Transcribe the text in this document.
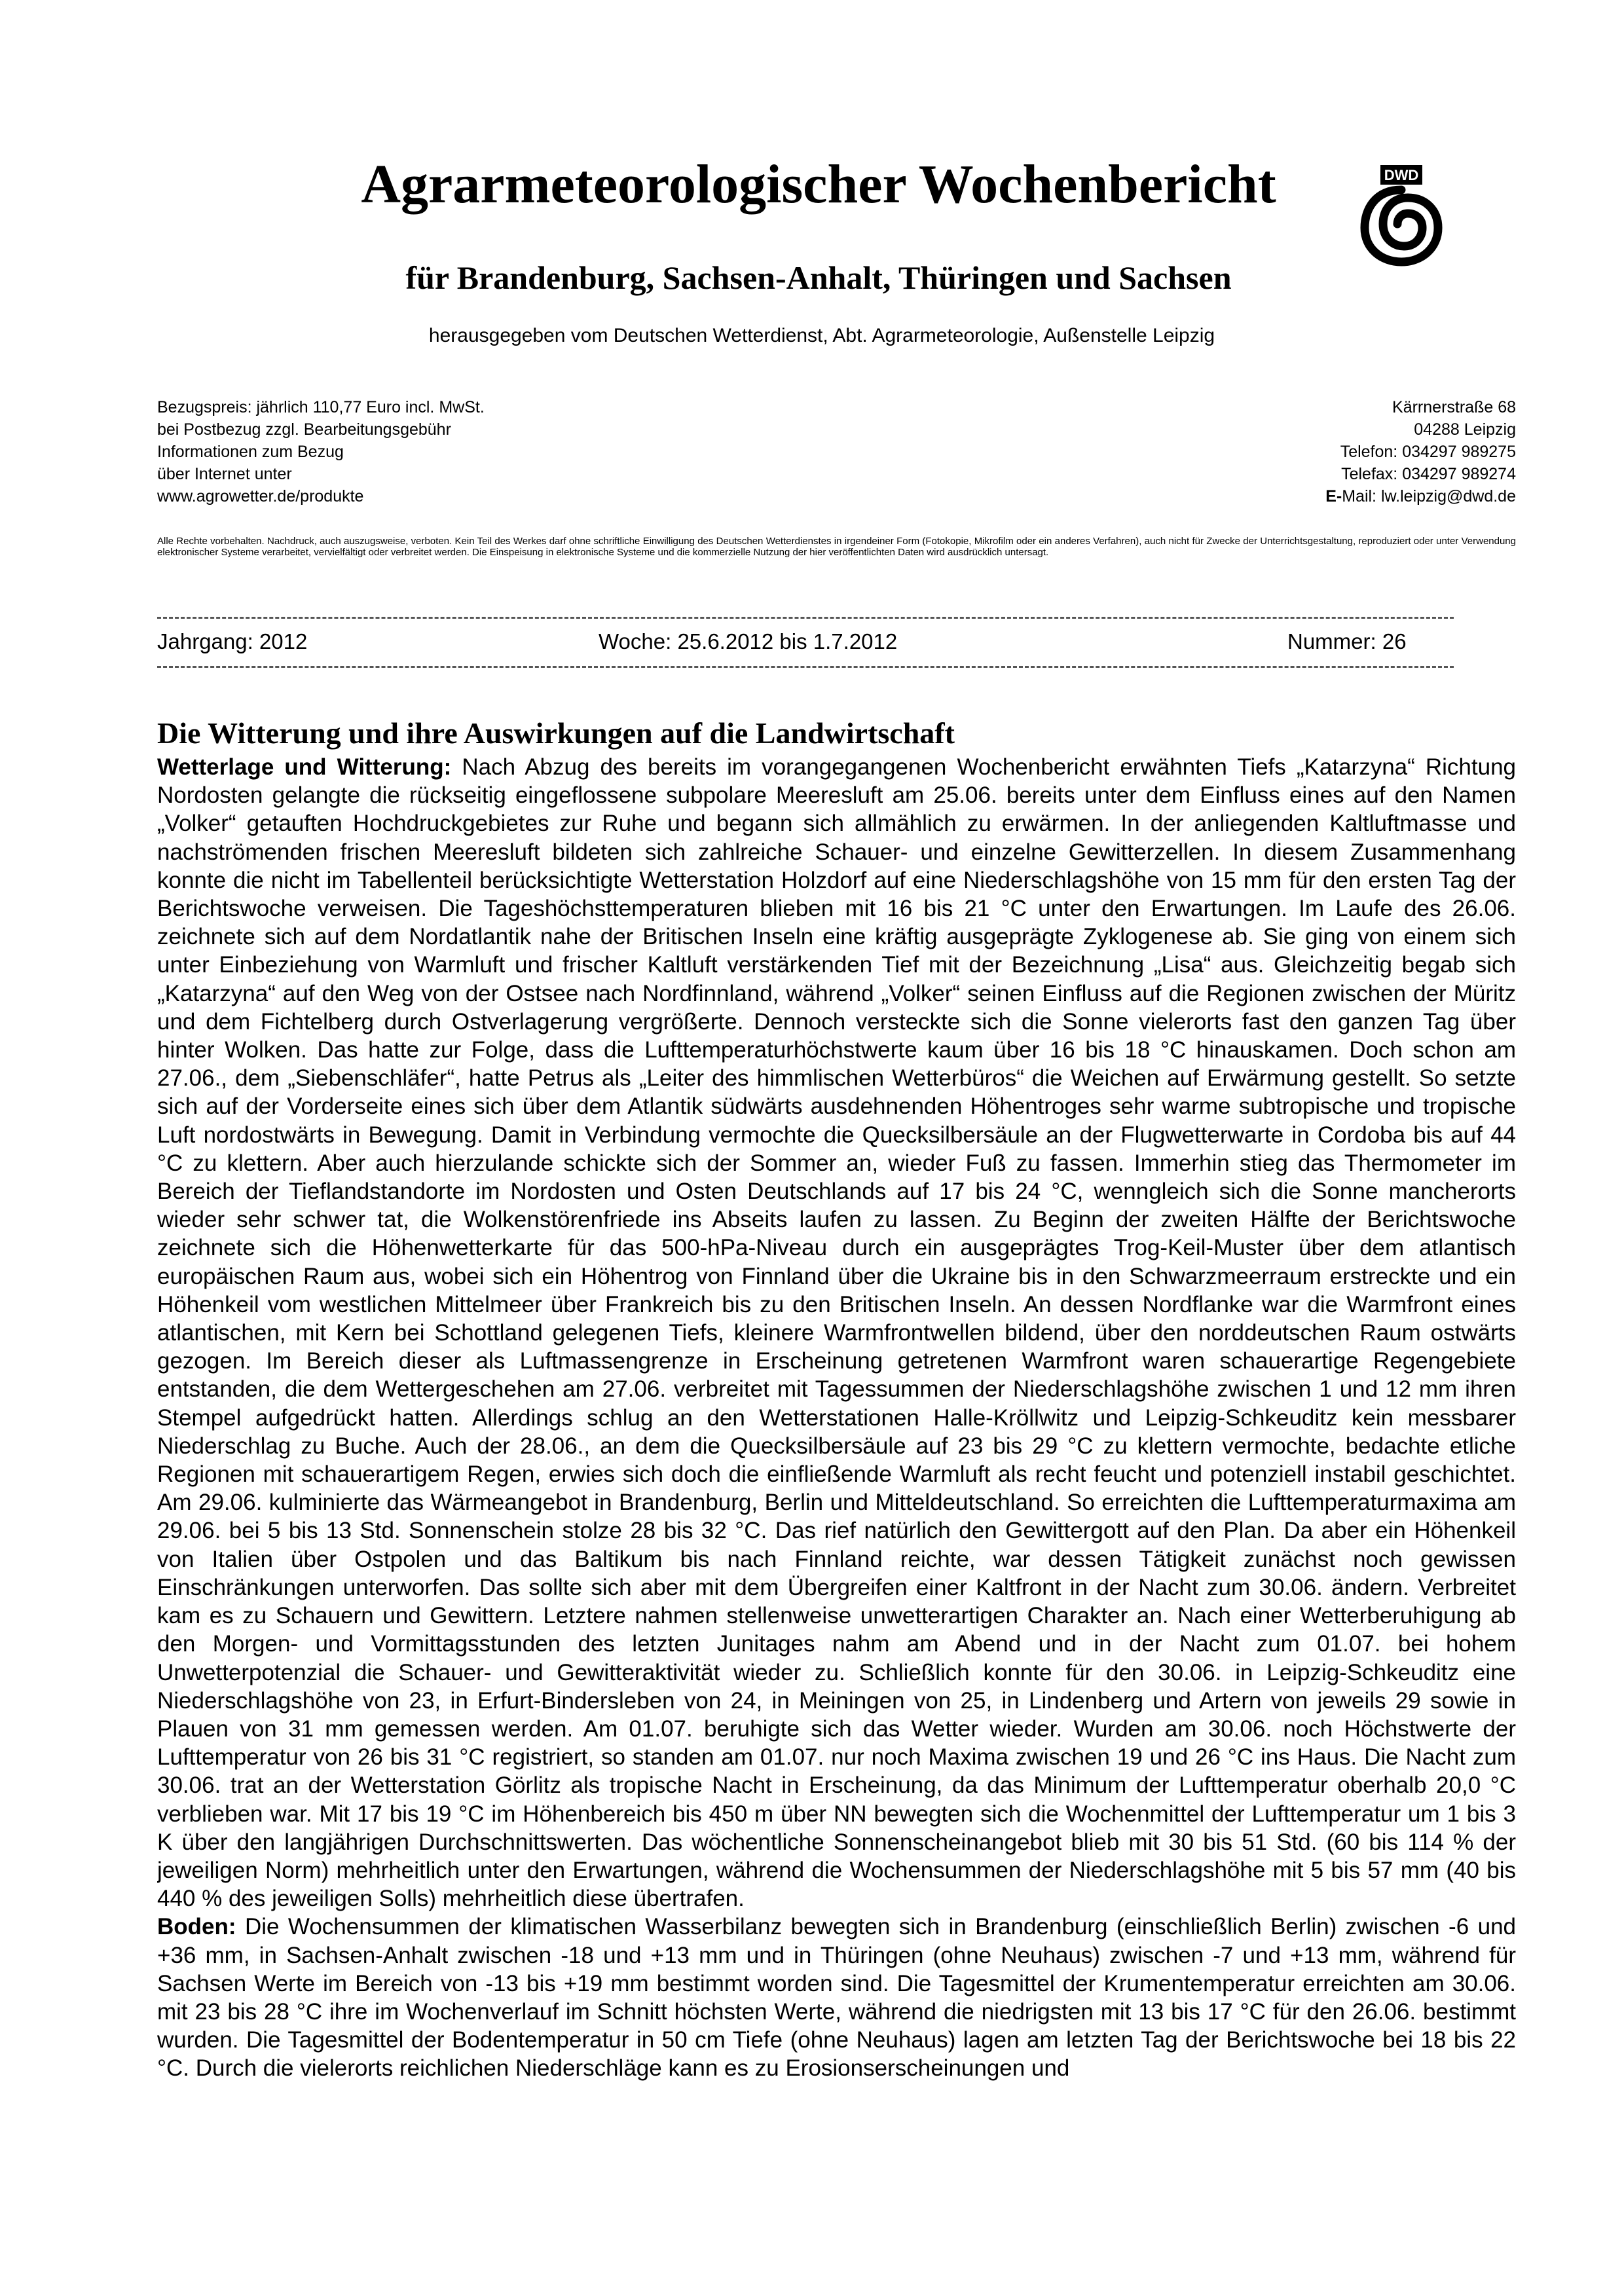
Agrarmeteorologischer Wochenbericht
für Brandenburg, Sachsen-Anhalt, Thüringen und Sachsen
herausgegeben vom Deutschen Wetterdienst, Abt. Agrarmeteorologie, Außenstelle Leipzig
DWD
Bezugspreis: jährlich 110,77 Euro incl. MwSt.
bei Postbezug zzgl. Bearbeitungsgebühr
Informationen zum Bezug
über Internet unter
www.agrowetter.de/produkte
Kärrnerstraße 68
04288 Leipzig
Telefon: 034297 989275
Telefax: 034297 989274
E-Mail: lw.leipzig@dwd.de
Alle Rechte vorbehalten. Nachdruck, auch auszugsweise, verboten. Kein Teil des Werkes darf ohne schriftliche Einwilligung des Deutschen Wetterdienstes in irgendeiner Form (Fotokopie, Mikrofilm oder ein anderes Verfahren), auch nicht für Zwecke der Unterrichtsgestaltung, reproduziert oder unter Verwendung elektronischer Systeme verarbeitet, vervielfältigt oder verbreitet werden. Die Einspeisung in elektronische Systeme und die kommerzielle Nutzung der hier veröffentlichten Daten wird ausdrücklich untersagt.
Jahrgang: 2012	Woche: 25.6.2012 bis 1.7.2012	Nummer: 26
Die Witterung und ihre Auswirkungen auf die Landwirtschaft

Wetterlage und Witterung: Nach Abzug des bereits im vorangegangenen Wochenbericht erwähnten Tiefs „Katarzyna“ Richtung Nordosten gelangte die rückseitig eingeflossene subpolare Meeresluft am 25.06. bereits unter dem Einfluss eines auf den Namen „Volker“ getauften Hochdruckgebietes zur Ruhe und begann sich allmählich zu erwärmen. In der anliegenden Kaltluftmasse und nachströmenden frischen Meeresluft bildeten sich zahlreiche Schauer- und einzelne Gewitterzellen. In diesem Zusammenhang konnte die nicht im Tabellenteil berücksichtigte Wetterstation Holzdorf auf eine Niederschlagshöhe von 15 mm für den ersten Tag der Berichtswoche verweisen. Die Tageshöchsttemperaturen blieben mit 16 bis 21 °C unter den Erwartungen. Im Laufe des 26.06. zeichnete sich auf dem Nordatlantik nahe der Britischen Inseln eine kräftig ausgeprägte Zyklogenese ab. Sie ging von einem sich unter Einbeziehung von Warmluft und frischer Kaltluft verstärkenden Tief mit der Bezeichnung „Lisa“ aus. Gleichzeitig begab sich „Katarzyna“ auf den Weg von der Ostsee nach Nordfinnland, während „Volker“ seinen Einfluss auf die Regionen zwischen der Müritz und dem Fichtelberg durch Ostverlagerung vergrößerte. Dennoch versteckte sich die Sonne vielerorts fast den ganzen Tag über hinter Wolken. Das hatte zur Folge, dass die Lufttemperaturhöchstwerte kaum über 16 bis 18 °C hinauskamen. Doch schon am 27.06., dem „Siebenschläfer“, hatte Petrus als „Leiter des himmlischen Wetterbüros“ die Weichen auf Erwärmung gestellt. So setzte sich auf der Vorderseite eines sich über dem Atlantik südwärts ausdehnenden Höhentroges sehr warme subtropische und tropische Luft nordostwärts in Bewegung. Damit in Verbindung vermochte die Quecksilbersäule an der Flugwetterwarte in Cordoba bis auf 44 °C zu klettern. Aber auch hierzulande schickte sich der Sommer an, wieder Fuß zu fassen. Immerhin stieg das Thermometer im Bereich der Tieflandstandorte im Nordosten und Osten Deutschlands auf 17 bis 24 °C, wenngleich sich die Sonne mancherorts wieder sehr schwer tat, die Wolkenstörenfriede ins Abseits laufen zu lassen. Zu Beginn der zweiten Hälfte der Berichtswoche zeichnete sich die Höhenwetterkarte für das 500-hPa-Niveau durch ein ausgeprägtes Trog-Keil-Muster über dem atlantisch europäischen Raum aus, wobei sich ein Höhentrog von Finnland über die Ukraine bis in den Schwarzmeerraum erstreckte und ein Höhenkeil vom westlichen Mittelmeer über Frankreich bis zu den Britischen Inseln. An dessen Nordflanke war die Warmfront eines atlantischen, mit Kern bei Schottland gelegenen Tiefs, kleinere Warmfrontwellen bildend, über den norddeutschen Raum ostwärts gezogen. Im Bereich dieser als Luftmassengrenze in Erscheinung getretenen Warmfront waren schauerartige Regengebiete entstanden, die dem Wettergeschehen am 27.06. verbreitet mit Tagessummen der Niederschlagshöhe zwischen 1 und 12 mm ihren Stempel aufgedrückt hatten. Allerdings schlug an den Wetterstationen Halle-Kröllwitz und Leipzig-Schkeuditz kein messbarer Niederschlag zu Buche. Auch der 28.06., an dem die Quecksilbersäule auf 23 bis 29 °C zu klettern vermochte, bedachte etliche Regionen mit schauerartigem Regen, erwies sich doch die einfließende Warmluft als recht feucht und potenziell instabil geschichtet. Am 29.06. kulminierte das Wärmeangebot in Brandenburg, Berlin und Mitteldeutschland. So erreichten die Lufttemperaturmaxima am 29.06. bei 5 bis 13 Std. Sonnenschein stolze 28 bis 32 °C. Das rief natürlich den Gewittergott auf den Plan. Da aber ein Höhenkeil von Italien über Ostpolen und das Baltikum bis nach Finnland reichte, war dessen Tätigkeit zunächst noch gewissen Einschränkungen unterworfen. Das sollte sich aber mit dem Übergreifen einer Kaltfront in der Nacht zum 30.06. ändern. Verbreitet kam es zu Schauern und Gewittern. Letztere nahmen stellenweise unwetterartigen Charakter an. Nach einer Wetterberuhigung ab den Morgen- und Vormittagsstunden des letzten Junitages nahm am Abend und in der Nacht zum 01.07. bei hohem Unwetterpotenzial die Schauer- und Gewitteraktivität wieder zu. Schließlich konnte für den 30.06. in Leipzig-Schkeuditz eine Niederschlagshöhe von 23, in Erfurt-Bindersleben von 24, in Meiningen von 25, in Lindenberg und Artern von jeweils 29 sowie in Plauen von 31 mm gemessen werden. Am 01.07. beruhigte sich das Wetter wieder. Wurden am 30.06. noch Höchstwerte der Lufttemperatur von 26 bis 31 °C registriert, so standen am 01.07. nur noch Maxima zwischen 19 und 26 °C ins Haus. Die Nacht zum 30.06. trat an der Wetterstation Görlitz als tropische Nacht in Erscheinung, da das Minimum der Lufttemperatur oberhalb 20,0 °C verblieben war. Mit 17 bis 19 °C im Höhenbereich bis 450 m über NN bewegten sich die Wochenmittel der Lufttemperatur um 1 bis 3 K über den langjährigen Durchschnittswerten. Das wöchentliche Sonnenscheinangebot blieb mit 30 bis 51 Std. (60 bis 114 % der jeweiligen Norm) mehrheitlich unter den Erwartungen, während die Wochensummen der Niederschlagshöhe mit 5 bis 57 mm (40 bis 440 % des jeweiligen Solls) mehrheitlich diese übertrafen.

Boden: Die Wochensummen der klimatischen Wasserbilanz bewegten sich in Brandenburg (einschließlich Berlin) zwischen -6 und +36 mm, in Sachsen-Anhalt zwischen -18 und +13 mm und in Thüringen (ohne Neuhaus) zwischen -7 und +13 mm, während für Sachsen Werte im Bereich von -13 bis +19 mm bestimmt worden sind. Die Tagesmittel der Krumentemperatur erreichten am 30.06. mit 23 bis 28 °C ihre im Wochenverlauf im Schnitt höchsten Werte, während die niedrigsten mit 13 bis 17 °C für den 26.06. bestimmt wurden. Die Tagesmittel der Bodentemperatur in 50 cm Tiefe (ohne Neuhaus) lagen am letzten Tag der Berichtswoche bei 18 bis 22 °C. Durch die vielerorts reichlichen Niederschläge kann es zu Erosionserscheinungen und
